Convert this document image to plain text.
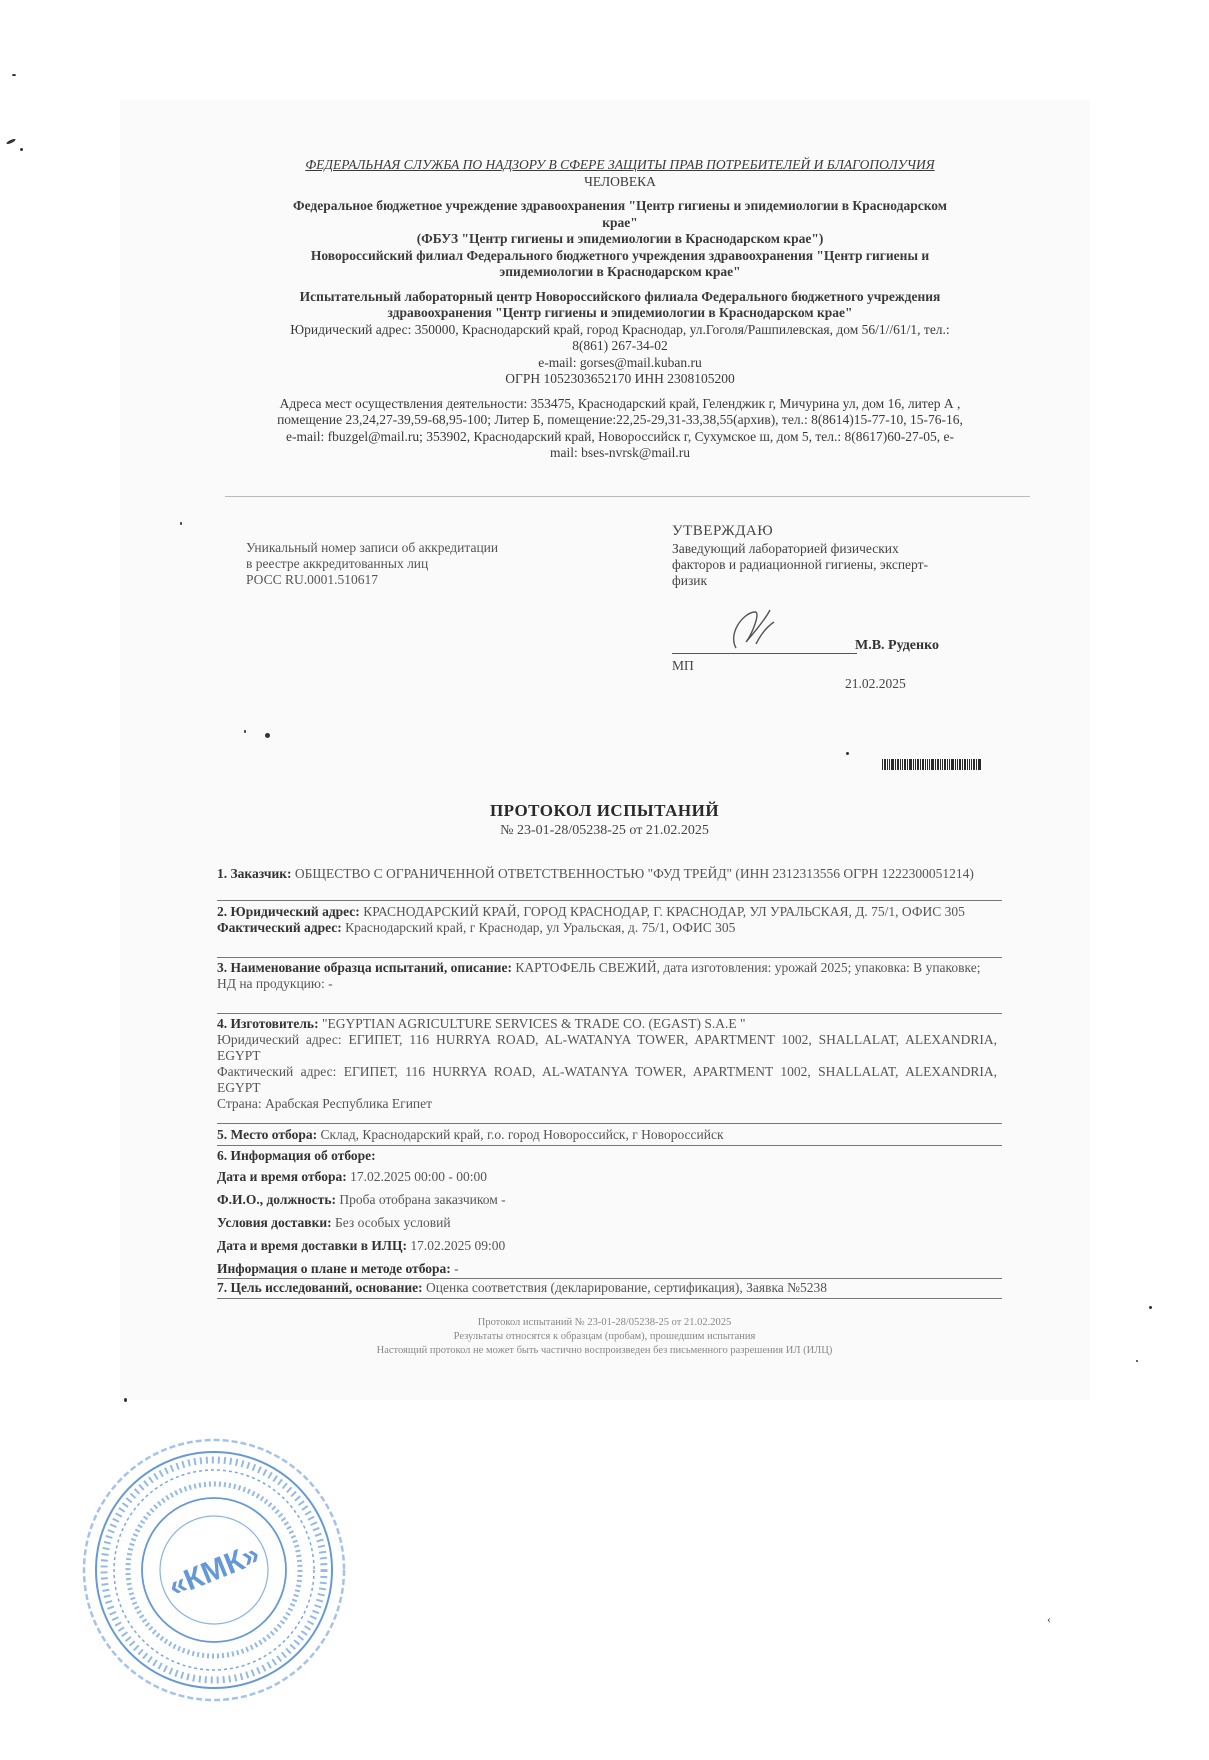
ФЕДЕРАЛЬНАЯ СЛУЖБА ПО НАДЗОРУ В СФЕРЕ ЗАЩИТЫ ПРАВ ПОТРЕБИТЕЛЕЙ И БЛАГОПОЛУЧИЯ
ЧЕЛОВЕКА
Федеральное бюджетное учреждение здравоохранения "Центр гигиены и эпидемиологии в Краснодарском
крае"
(ФБУЗ "Центр гигиены и эпидемиологии в Краснодарском крае")
Новороссийский филиал Федерального бюджетного учреждения здравоохранения "Центр гигиены и
эпидемиологии в Краснодарском крае"
Испытательный лабораторный центр Новороссийского филиала Федерального бюджетного учреждения
здравоохранения "Центр гигиены и эпидемиологии в Краснодарском крае"
Юридический адрес: 350000, Краснодарский край, город Краснодар, ул.Гоголя/Рашпилевская, дом 56/1//61/1, тел.:
8(861) 267-34-02
e-mail: gorses@mail.kuban.ru
ОГРН 1052303652170 ИНН 2308105200
Адреса мест осуществления деятельности: 353475, Краснодарский край, Геленджик г, Мичурина ул, дом 16, литер А ,
помещение 23,24,27-39,59-68,95-100; Литер Б, помещение:22,25-29,31-33,38,55(архив), тел.: 8(8614)15-77-10, 15-76-16,
e-mail: fbuzgel@mail.ru; 353902, Краснодарский край, Новороссийск г, Сухумское ш, дом 5, тел.: 8(8617)60-27-05, e-
mail: bses-nvrsk@mail.ru
Уникальный номер записи об аккредитации
в реестре аккредитованных лиц
РОСС RU.0001.510617
УТВЕРЖДАЮ
Заведующий лабораторией физических
факторов и радиационной гигиены, эксперт-
физик
М.В. Руденко
МП
21.02.2025
ПРОТОКОЛ ИСПЫТАНИЙ
№ 23-01-28/05238-25 от 21.02.2025
1. Заказчик: ОБЩЕСТВО С ОГРАНИЧЕННОЙ ОТВЕТСТВЕННОСТЬЮ "ФУД ТРЕЙД" (ИНН 2312313556 ОГРН 1222300051214)
2. Юридический адрес: КРАСНОДАРСКИЙ КРАЙ, ГОРОД КРАСНОДАР, Г. КРАСНОДАР, УЛ УРАЛЬСКАЯ, Д. 75/1, ОФИС 305
Фактический адрес: Краснодарский край, г Краснодар, ул Уральская, д. 75/1, ОФИС 305
3. Наименование образца испытаний, описание: КАРТОФЕЛЬ СВЕЖИЙ, дата изготовления: урожай 2025; упаковка: В упаковке;
НД на продукцию: -
4. Изготовитель: "EGYPTIAN AGRICULTURE SERVICES & TRADE CO. (EGAST) S.A.E "
Юридический адрес: ЕГИПЕТ, 116 HURRYA ROAD, AL-WATANYA TOWER, APARTMENT 1002, SHALLALAT, ALEXANDRIA, EGYPT
Фактический адрес: ЕГИПЕТ, 116 HURRYA ROAD, AL-WATANYA TOWER, APARTMENT 1002, SHALLALAT, ALEXANDRIA, EGYPT
Страна: Арабская Республика Египет
5. Место отбора: Склад, Краснодарский край, г.о. город Новороссийск, г Новороссийск
6. Информация об отборе:
Дата и время отбора: 17.02.2025 00:00 - 00:00
Ф.И.О., должность: Проба отобрана заказчиком -
Условия доставки: Без особых условий
Дата и время доставки в ИЛЦ: 17.02.2025 09:00
Информация о плане и методе отбора: -
7. Цель исследований, основание: Оценка соответствия (декларирование, сертификация), Заявка №5238
Протокол испытаний № 23-01-28/05238-25 от 21.02.2025
Результаты относятся к образцам (пробам), прошедшим испытания
Настоящий протокол не может быть частично воспроизведен без письменного разрешения ИЛ (ИЛЦ)
«КМК»
‹
